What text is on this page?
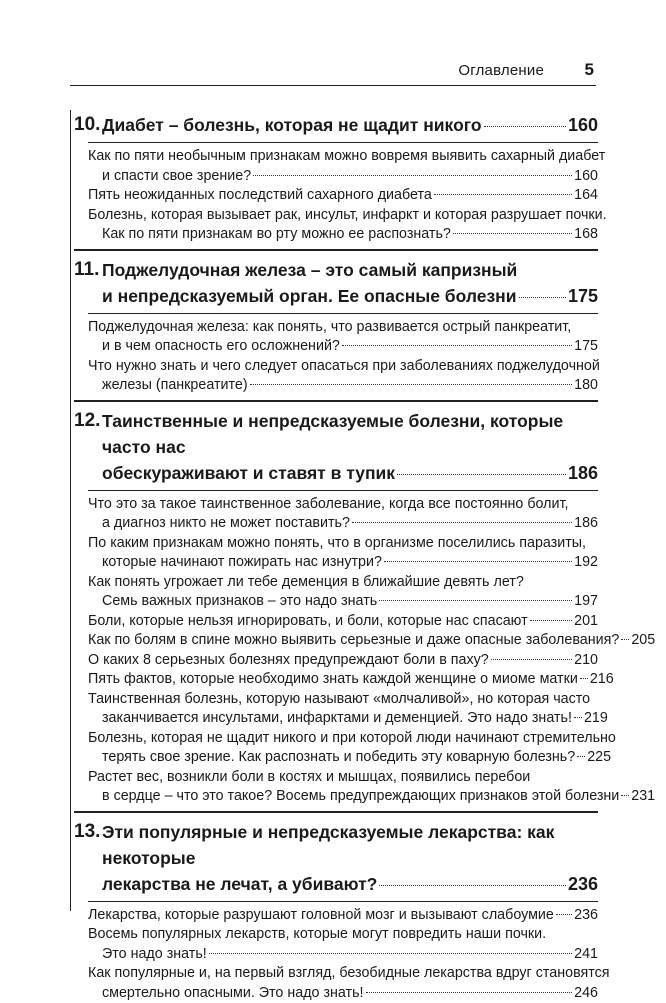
Оглавление 5
10. Диабет – болезнь, которая не щадит никого	160
Как по пяти необычным признакам можно вовремя выявить сахарный диабет
и спасти свое зрение?	160
Пять неожиданных последствий сахарного диабета	164
Болезнь, которая вызывает рак, инсульт, инфаркт и которая разрушает почки.
Как по пяти признакам во рту можно ее распознать?	168
11. Поджелудочная железа – это самый капризный
и непредсказуемый орган. Ее опасные болезни	175
Поджелудочная железа: как понять, что развивается острый панкреатит,
и в чем опасность его осложнений?	175
Что нужно знать и чего следует опасаться при заболеваниях поджелудочной
железы (панкреатите)	180
12. Таинственные и непредсказуемые болезни, которые часто нас
обескураживают и ставят в тупик	186
Что это за такое таинственное заболевание, когда все постоянно болит,
а диагноз никто не может поставить?	186
По каким признакам можно понять, что в организме поселились паразиты,
которые начинают пожирать нас изнутри?	192
Как понять угрожает ли тебе деменция в ближайшие девять лет?
Семь важных признаков – это надо знать	197
Боли, которые нельзя игнорировать, и боли, которые нас спасают	201
Как по болям в спине можно выявить серьезные и даже опасные заболевания? 205
О каких 8 серьезных болезнях предупреждают боли в паху?	210
Пять фактов, которые необходимо знать каждой женщине о миоме матки 216
Таинственная болезнь, которую называют «молчаливой», но которая часто
заканчивается инсультами, инфарктами и деменцией. Это надо знать! 219
Болезнь, которая не щадит никого и при которой люди начинают стремительно
терять свое зрение. Как распознать и победить эту коварную болезнь? 225
Растет вес, возникли боли в костях и мышцах, появились перебои
в сердце – что это такое? Восемь предупреждающих признаков этой болезни 231
13. Эти популярные и непредсказуемые лекарства: как некоторые
лекарства не лечат, а убивают?	236
Лекарства, которые разрушают головной мозг и вызывают слабоумие 236
Восемь популярных лекарств, которые могут повредить наши почки.
Это надо знать!	241
Как популярные и, на первый взгляд, безобидные лекарства вдруг становятся
смертельно опасными. Это надо знать!	246
